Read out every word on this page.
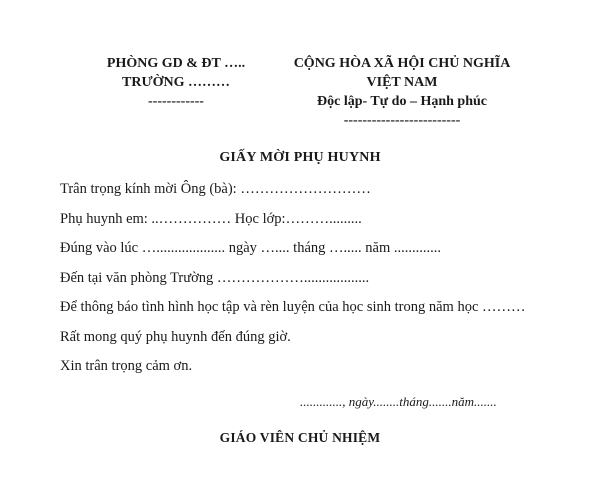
PHÒNG GD & ĐT …..
TRƯỜNG ………
------------
CỘNG HÒA XÃ HỘI CHỦ NGHĨA
VIỆT NAM
Độc lập- Tự do – Hạnh phúc
-------------------------
GIẤY MỜI PHỤ HUYNH
Trân trọng kính mời Ông (bà): ………………………
Phụ huynh em: ..…………… Học lớp:……….........
Đúng vào lúc …................... ngày ….... tháng …..... năm .............
Đến tại văn phòng Trường ………………..................
Để thông báo tình hình học tập và rèn luyện của học sinh trong năm học ………
Rất mong quý phụ huynh đến đúng giờ.
Xin trân trọng cảm ơn.
............., ngày........tháng.......năm.......
GIÁO VIÊN CHỦ NHIỆM
